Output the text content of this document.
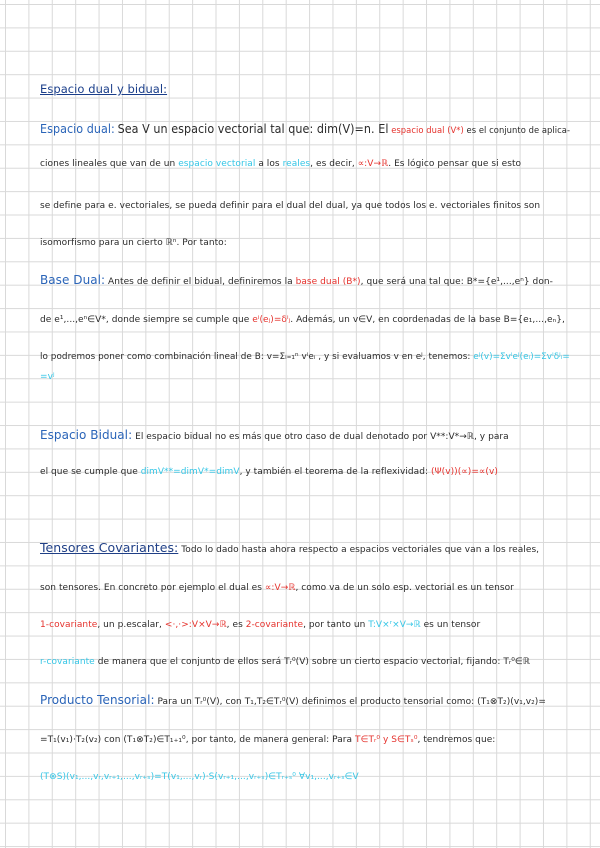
Espacio dual y bidual:
Espacio dual: Sea V un espacio vectorial tal que: dim(V)=n. El espacio dual (V*) es el conjunto de aplica-
ciones lineales que van de un espacio vectorial a los reales, es decir, ∝:V→ℝ. Es lógico pensar que si esto
se define para e. vectoriales, se pueda definir para el dual del dual, ya que todos los e. vectoriales finitos son
isomorfismo para un cierto ℝⁿ. Por tanto:
Base Dual: Antes de definir el bidual, definiremos la base dual (B*), que será una tal que: B*={e¹,...,eⁿ} don-
de e¹,...,eⁿ∈V*, donde siempre se cumple que eⁱ(eⱼ)=δⁱⱼ. Además, un v∈V, en coordenadas de la base B={e₁,...,eₙ},
lo podremos poner como combinación lineal de B: v=Σᵢ₌₁ⁿ vⁱeᵢ , y si evaluamos v en eʲ, tenemos: eʲ(v)=Σvⁱeʲ(eᵢ)=Σvⁱδʲᵢ=
=vʲ
Espacio Bidual: El espacio bidual no es más que otro caso de dual denotado por V**:V*→ℝ, y para
el que se cumple que dimV**=dimV*=dimV, y también el teorema de la reflexividad: (Ψ(v))(∝)=∝(v)
Tensores Covariantes: Todo lo dado hasta ahora respecto a espacios vectoriales que van a los reales,
son tensores. En concreto por ejemplo el dual es ∝:V→ℝ, como va de un solo esp. vectorial es un tensor
1-covariante, un p.escalar, <·,·>:V×V→ℝ, es 2-covariante, por tanto un T:V×ʳ×V→ℝ es un tensor
r-covariante de manera que el conjunto de ellos será Tᵣ⁰(V) sobre un cierto espacio vectorial, fijando: Tᵣ⁰∈ℝ
Producto Tensorial: Para un Tᵣ⁰(V), con T₁,T₂∈Tᵣ⁰(V) definimos el producto tensorial como: (T₁⊗T₂)(v₁,v₂)=
=T₁(v₁)·T₂(v₂) con (T₁⊗T₂)∈T₁₊₁⁰, por tanto, de manera general: Para T∈Tᵣ⁰ y S∈Tₛ⁰, tendremos que:
(T⊗S)(v₁,...,vᵣ,vᵣ₊₁,...,vᵣ₊ₛ)=T(v₁,...,vᵣ)·S(vᵣ₊₁,...,vᵣ₊ₛ)∈Tᵣ₊ₛ⁰ ∀v₁,...,vᵣ₊ₛ∈V
